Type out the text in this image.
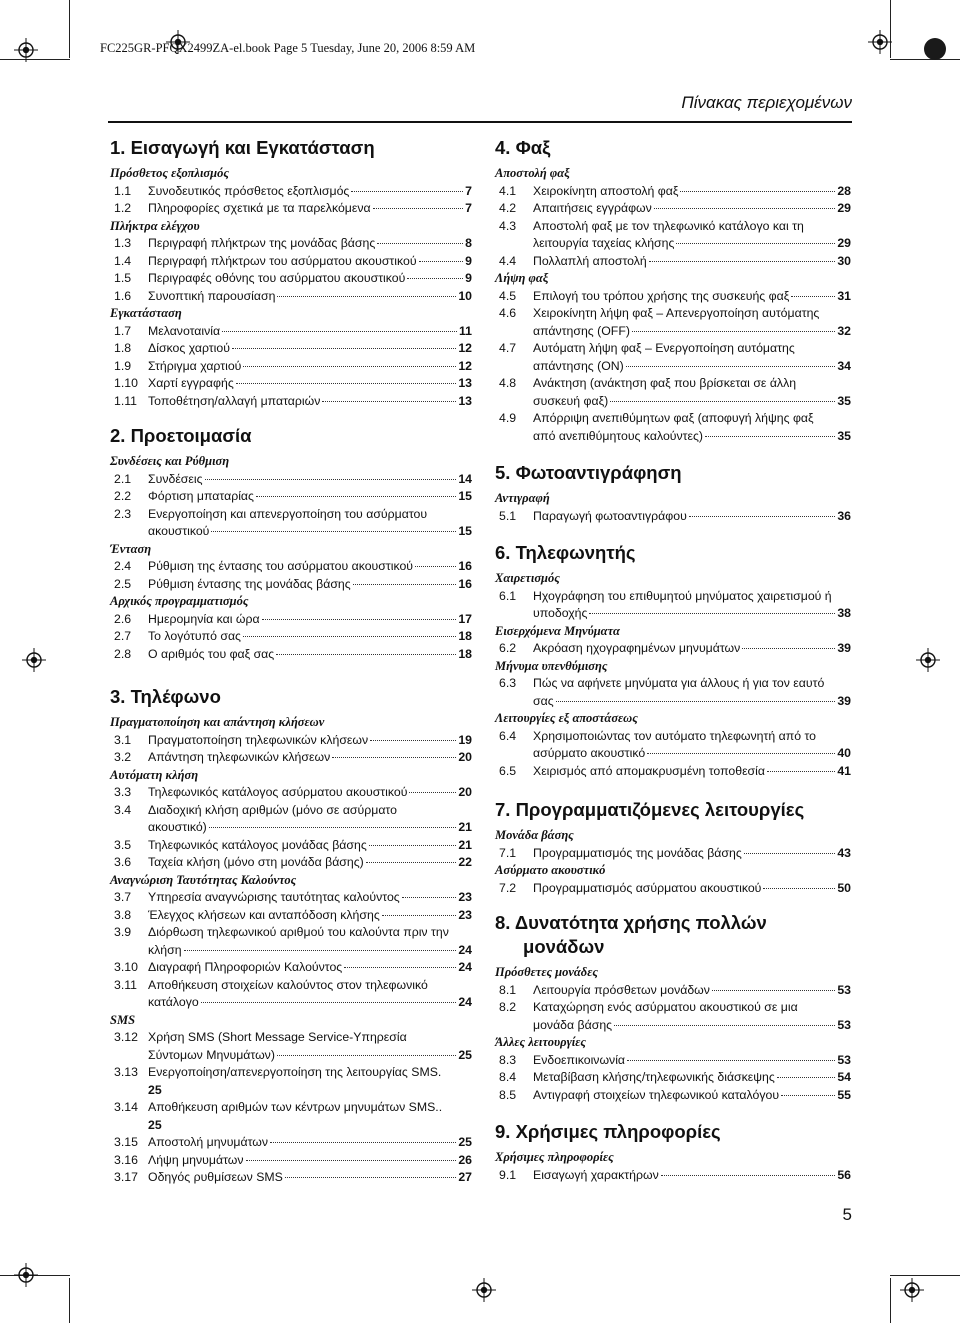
FC225GR-PFQX2499ZA-el.book Page 5 Tuesday, June 20, 2006 8:59 AM
Πίνακας περιεχομένων
1. Εισαγωγή και Εγκατάσταση
Πρόσθετος εξοπλισμός
1.1	Συνοδευτικός πρόσθετος εξοπλισμός	7
1.2	Πληροφορίες σχετικά με τα παρελκόμενα	7
Πλήκτρα ελέγχου
1.3	Περιγραφή πλήκτρων της μονάδας βάσης	8
1.4	Περιγραφή πλήκτρων του ασύρματου ακουστικού	9
1.5	Περιγραφές οθόνης του ασύρματου ακουστικού	9
1.6	Συνοπτική παρουσίαση	10
Εγκατάσταση
1.7	Μελανοταινία	11
1.8	Δίσκος χαρτιού	12
1.9	Στήριγμα χαρτιού	12
1.10 Χαρτί εγγραφής	13
1.11 Τοποθέτηση/αλλαγή μπαταριών	13
2. Προετοιμασία
Συνδέσεις και Ρύθμιση
2.1	Συνδέσεις	14
2.2	Φόρτιση μπαταρίας	15
2.3	Ενεργοποίηση και απενεργοποίηση του ασύρματου
ακουστικού	15
Ένταση
2.4	Ρύθμιση της έντασης του ασύρματου ακουστικού	16
2.5	Ρύθμιση έντασης της μονάδας βάσης	16
Αρχικός προγραμματισμός
2.6	Ημερομηνία και ώρα	17
2.7	Το λογότυπό σας	18
2.8	Ο αριθμός του φαξ σας	18
3. Τηλέφωνο
Πραγματοποίηση και απάντηση κλήσεων
3.1	Πραγματοποίηση τηλεφωνικών κλήσεων	19
3.2	Απάντηση τηλεφωνικών κλήσεων	20
Αυτόματη κλήση
3.3	Τηλεφωνικός κατάλογος ασύρματου ακουστικού	20
3.4	Διαδοχική κλήση αριθμών (μόνο σε ασύρματο
ακουστικό)	21
3.5	Τηλεφωνικός κατάλογος μονάδας βάσης	21
3.6	Ταχεία κλήση (μόνο στη μονάδα βάσης)	22
Αναγνώριση Ταυτότητας Καλούντος
3.7	Υπηρεσία αναγνώρισης ταυτότητας καλούντος	23
3.8	Έλεγχος κλήσεων και ανταπόδοση κλήσης	23
3.9	Διόρθωση τηλεφωνικού αριθμού του καλούντα πριν την
κλήση	24
3.10 Διαγραφή Πληροφοριών Καλούντος	24
3.11 Αποθήκευση στοιχείων καλούντος στον τηλεφωνικό
κατάλογο	24
SMS
3.12 Χρήση SMS (Short Message Service-Υπηρεσία
Σύντομων Μηνυμάτων)	25
3.13 Ενεργοποίηση/απενεργοποίηση της λειτουργίας SMS.
25
3.14 Αποθήκευση αριθμών των κέντρων μηνυμάτων SMS..
25
3.15 Αποστολή μηνυμάτων	25
3.16 Λήψη μηνυμάτων	26
3.17 Οδηγός ρυθμίσεων SMS	27
4. Φαξ
Αποστολή φαξ
4.1	Χειροκίνητη αποστολή φαξ	28
4.2	Απαιτήσεις εγγράφων	29
4.3	Αποστολή φαξ με τον τηλεφωνικό κατάλογο και τη
λειτουργία ταχείας κλήσης	29
4.4	Πολλαπλή αποστολή	30
Λήψη φαξ
4.5	Επιλογή του τρόπου χρήσης της συσκευής φαξ	31
4.6	Χειροκίνητη λήψη φαξ – Απενεργοποίηση αυτόματης
απάντησης (OFF)	32
4.7	Αυτόματη λήψη φαξ – Ενεργοποίηση αυτόματης
απάντησης (ON)	34
4.8	Ανάκτηση (ανάκτηση φαξ που βρίσκεται σε άλλη
συσκευή φαξ)	35
4.9	Απόρριψη ανεπιθύμητων φαξ (αποφυγή λήψης φαξ
από ανεπιθύμητους καλούντες)	35
5. Φωτοαντιγράφηση
Αντιγραφή
5.1	Παραγωγή φωτοαντιγράφου	36
6. Τηλεφωνητής
Χαιρετισμός
6.1	Ηχογράφηση του επιθυμητού μηνύματος χαιρετισμού ή
υποδοχής	38
Εισερχόμενα Μηνύματα
6.2	Ακρόαση ηχογραφημένων μηνυμάτων	39
Μήνυμα υπενθύμισης
6.3	Πώς να αφήνετε μηνύματα για άλλους ή για τον εαυτό
σας	39
Λειτουργίες εξ αποστάσεως
6.4	Χρησιμοποιώντας τον αυτόματο τηλεφωνητή από το
ασύρματο ακουστικό	40
6.5	Χειρισμός από απομακρυσμένη τοποθεσία	41
7. Προγραμματιζόμενες λειτουργίες
Μονάδα βάσης
7.1	Προγραμματισμός της μονάδας βάσης	43
Ασύρματο ακουστικό
7.2	Προγραμματισμός ασύρματου ακουστικού	50
8. Δυνατότητα χρήσης πολλών
μονάδων
Πρόσθετες μονάδες
8.1	Λειτουργία πρόσθετων μονάδων	53
8.2	Καταχώρηση ενός ασύρματου ακουστικού σε μια
μονάδα βάσης	53
Άλλες λειτουργίες
8.3	Ενδοεπικοινωνία	53
8.4	Μεταβίβαση κλήσης/τηλεφωνικής διάσκεψης	54
8.5	Αντιγραφή στοιχείων τηλεφωνικού καταλόγου	55
9. Χρήσιμες πληροφορίες
Χρήσιμες πληροφορίες
9.1	Εισαγωγή χαρακτήρων	56
5
